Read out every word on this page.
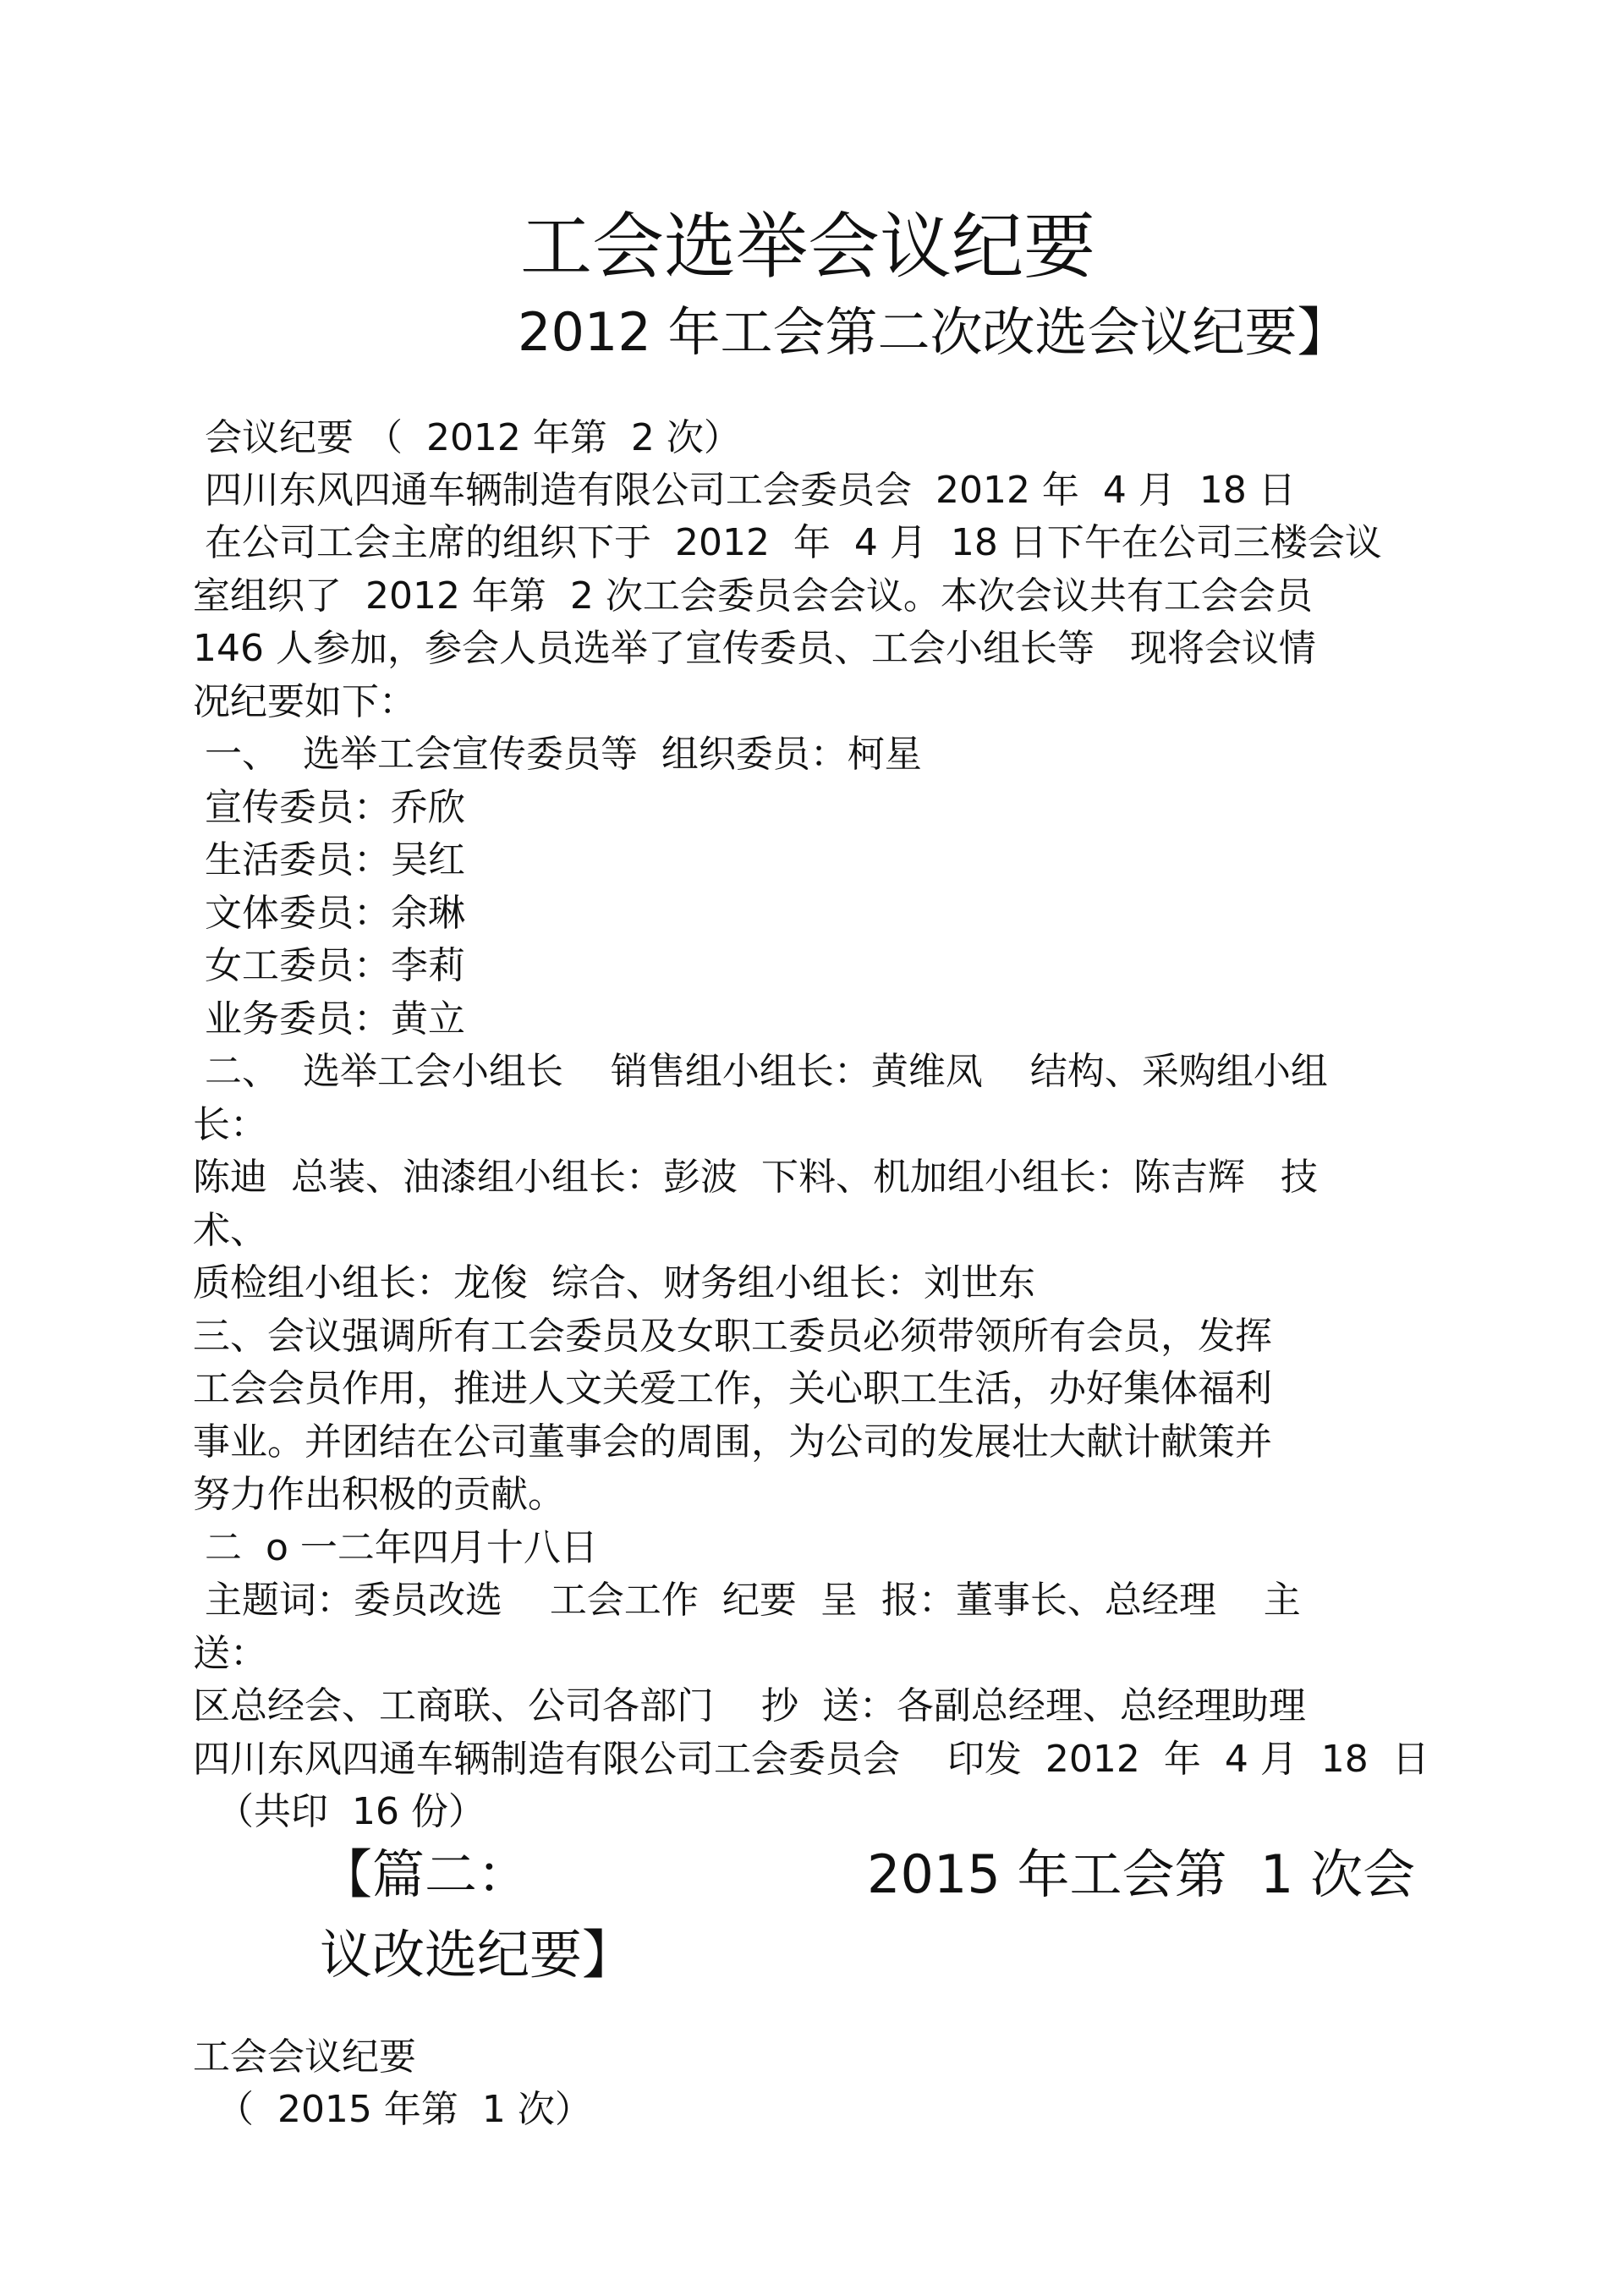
工会选举会议纪要
2012 年工会第二次改选会议纪要】
会议纪要 （  2012 年第  2 次）
四川东风四通车辆制造有限公司工会委员会  2012 年  4 月  18 日
在公司工会主席的组织下于  2012  年  4 月  18 日下午在公司三楼会议
室组织了  2012 年第  2 次工会委员会会议。本次会议共有工会会员
146 人参加，参会人员选举了宣传委员、工会小组长等   现将会议情
况纪要如下：
一、  选举工会宣传委员等  组织委员：柯星
宣传委员：乔欣
生活委员：吴红
文体委员：余琳
女工委员：李莉
业务委员：黄立
二、  选举工会小组长    销售组小组长：黄维凤    结构、采购组小组
长：
陈迪  总装、油漆组小组长：彭波  下料、机加组小组长：陈吉辉   技
术、
质检组小组长：龙俊  综合、财务组小组长：刘世东
三、会议强调所有工会委员及女职工委员必须带领所有会员，发挥
工会会员作用，推进人文关爱工作，关心职工生活，办好集体福利
事业。并团结在公司董事会的周围，为公司的发展壮大献计献策并
努力作出积极的贡献。
二  o 一二年四月十八日
主题词：委员改选    工会工作  纪要  呈  报：董事长、总经理    主
送：
区总经会、工商联、公司各部门    抄  送：各副总经理、总经理助理
四川东风四通车辆制造有限公司工会委员会    印发  2012  年  4 月  18  日
（共印  16 份）
【篇二：	2015 年工会第  1 次会
议改选纪要】
工会会议纪要
（  2015 年第  1 次）
